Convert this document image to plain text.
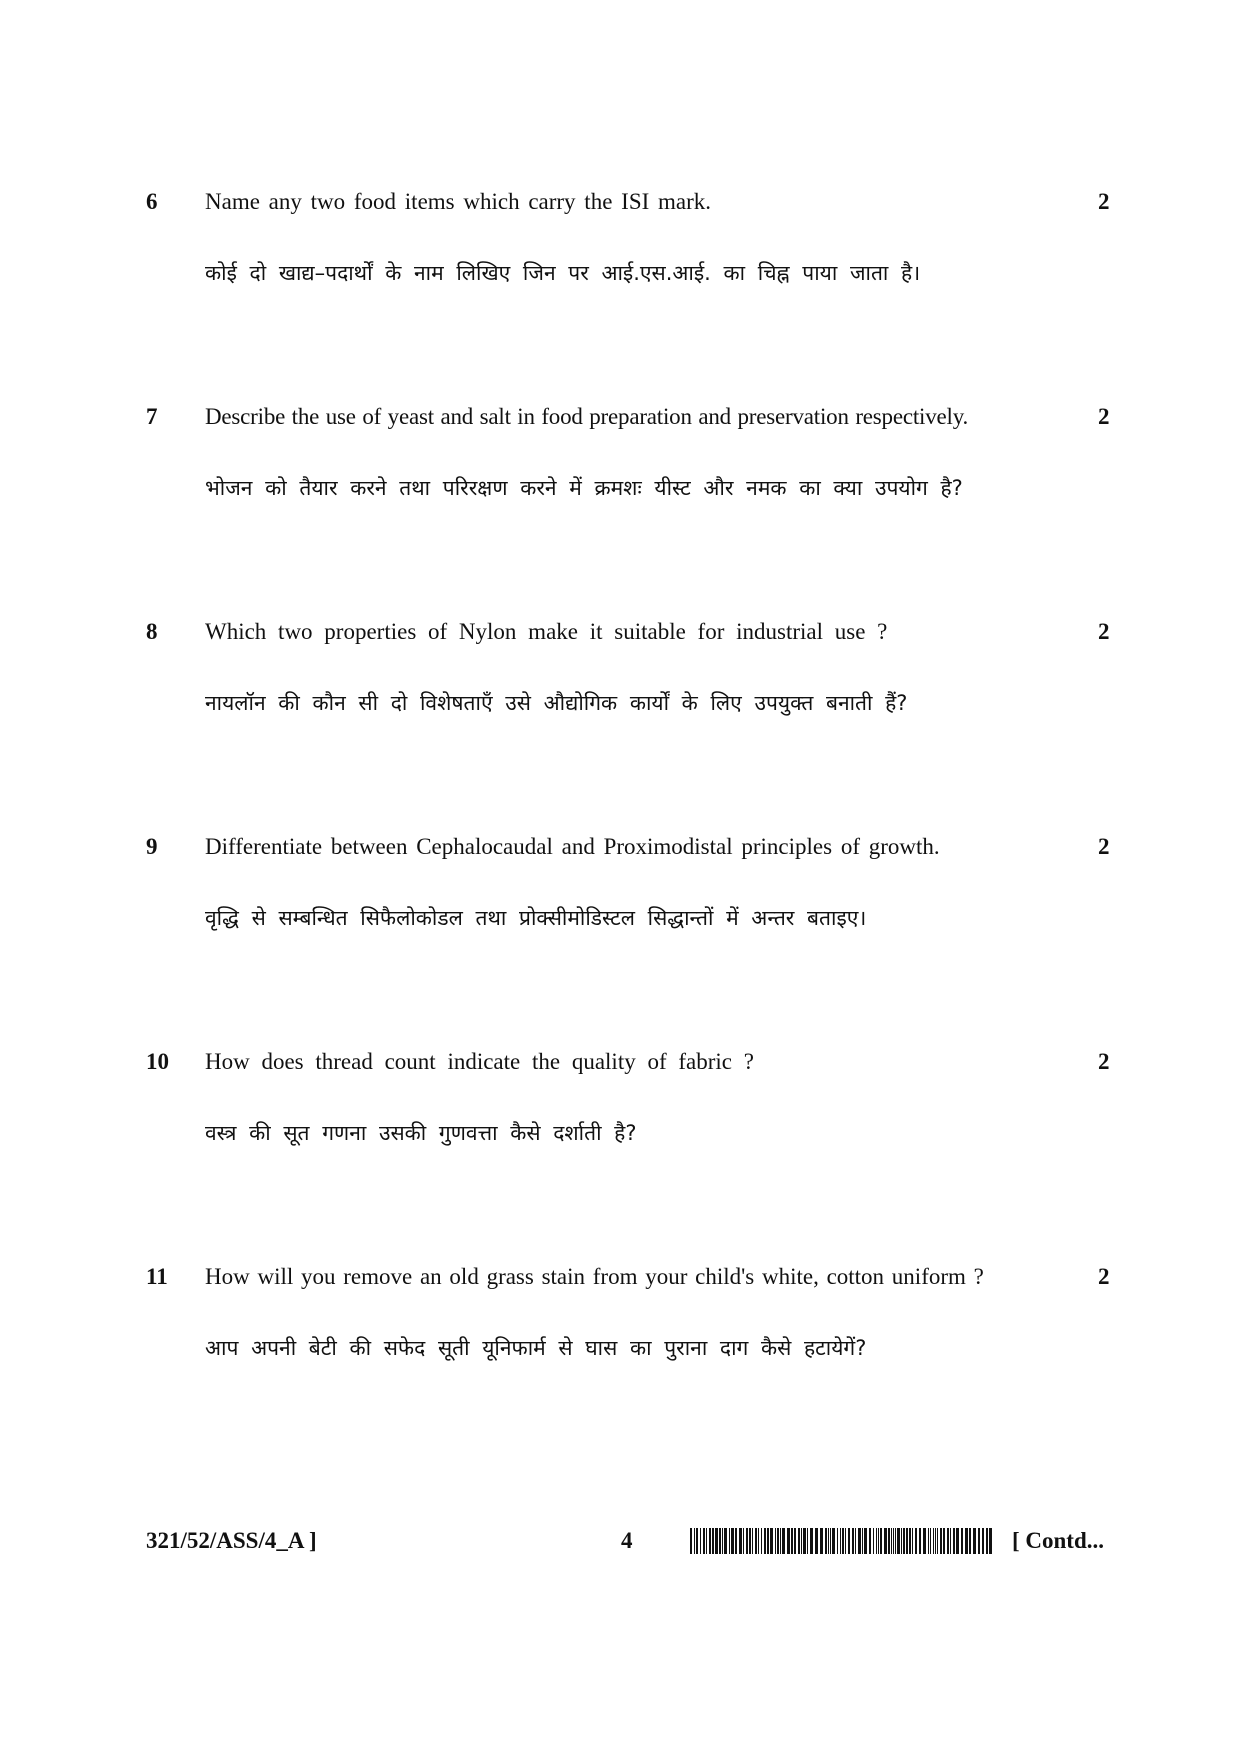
6 Name any two food items which carry the ISI mark.	2
कोई दो खाद्य–पदार्थों के नाम लिखिए जिन पर आई.एस.आई. का चिह्न पाया जाता है।
7 Describe the use of yeast and salt in food preparation and preservation respectively.	2
भोजन को तैयार करने तथा परिरक्षण करने में क्रमशः यीस्ट और नमक का क्या उपयोग है?
8 Which two properties of Nylon make it suitable for industrial use ?	2
नायलॉन की कौन सी दो विशेषताएँ उसे औद्योगिक कार्यों के लिए उपयुक्त बनाती हैं?
9 Differentiate between Cephalocaudal and Proximodistal principles of growth.	2
वृद्धि से सम्बन्धित सिफैलोकोडल तथा प्रोक्सीमोडिस्टल सिद्धान्तों में अन्तर बताइए।
10 How does thread count indicate the quality of fabric ?	2
वस्त्र की सूत गणना उसकी गुणवत्ता कैसे दर्शाती है?
11 How will you remove an old grass stain from your child's white, cotton uniform ?	2
आप अपनी बेटी की सफेद सूती यूनिफार्म से घास का पुराना दाग कैसे हटायेगें?
321/52/ASS/4_A ]	4	[ Contd...
